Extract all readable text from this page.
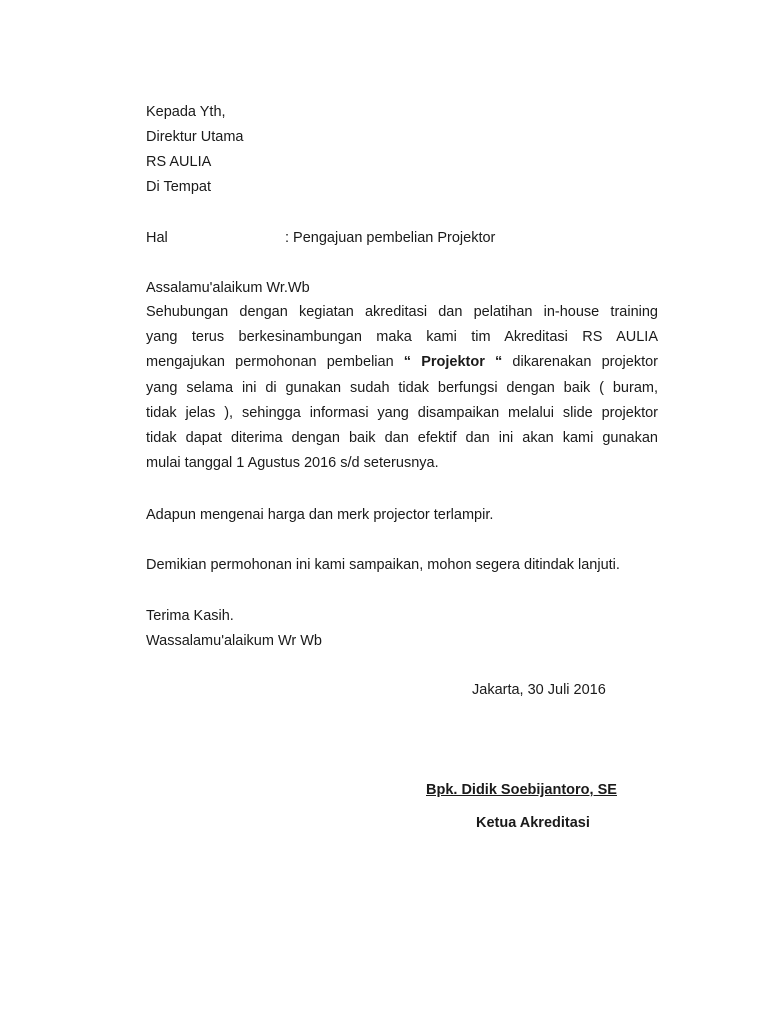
Kepada Yth,
Direktur Utama
RS AULIA
Di Tempat
Hal	: Pengajuan pembelian Projektor
Assalamu'alaikum Wr.Wb
Sehubungan dengan kegiatan akreditasi dan pelatihan in-house training
yang terus berkesinambungan maka kami tim Akreditasi RS AULIA
mengajukan permohonan pembelian “ Projektor “ dikarenakan projektor
yang selama ini di gunakan sudah tidak berfungsi dengan baik ( buram,
tidak jelas ), sehingga informasi yang disampaikan melalui slide projektor
tidak dapat diterima dengan baik dan efektif dan ini akan kami gunakan
mulai tanggal 1 Agustus 2016 s/d seterusnya.
Adapun mengenai harga dan merk projector terlampir.
Demikian permohonan ini kami sampaikan, mohon segera ditindak lanjuti.
Terima Kasih.
Wassalamu'alaikum Wr Wb
Jakarta, 30 Juli 2016
Bpk. Didik Soebijantoro, SE
Ketua Akreditasi
